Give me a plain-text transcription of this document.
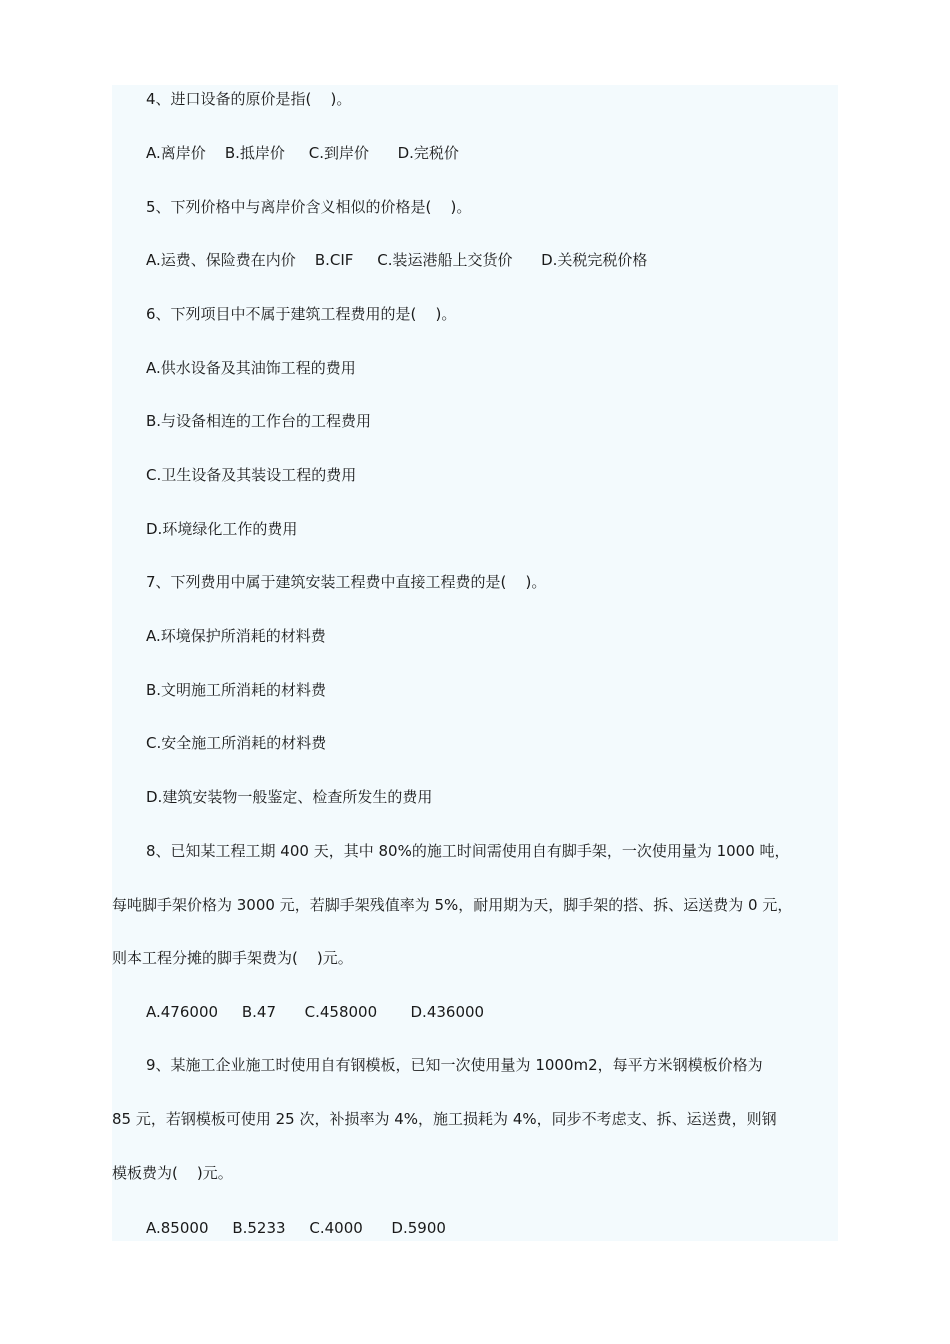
4、进口设备的原价是指(    )。
A.离岸价    B.抵岸价     C.到岸价      D.完税价
5、下列价格中与离岸价含义相似的价格是(    )。
A.运费、保险费在内价    B.CIF     C.装运港船上交货价      D.关税完税价格
6、下列项目中不属于建筑工程费用的是(    )。
A.供水设备及其油饰工程的费用
B.与设备相连的工作台的工程费用
C.卫生设备及其装设工程的费用
D.环境绿化工作的费用
7、下列费用中属于建筑安装工程费中直接工程费的是(    )。
A.环境保护所消耗的材料费
B.文明施工所消耗的材料费
C.安全施工所消耗的材料费
D.建筑安装物一般鉴定、检查所发生的费用
8、已知某工程工期 400 天，其中 80%的施工时间需使用自有脚手架，一次使用量为 1000 吨，
每吨脚手架价格为 3000 元，若脚手架残值率为 5%，耐用期为天，脚手架的搭、拆、运送费为 0 元，
则本工程分摊的脚手架费为(    )元。
A.476000     B.47      C.458000       D.436000
9、某施工企业施工时使用自有钢模板，已知一次使用量为 1000m2，每平方米钢模板价格为
85 元，若钢模板可使用 25 次，补损率为 4%，施工损耗为 4%，同步不考虑支、拆、运送费，则钢
模板费为(    )元。
A.85000     B.5233     C.4000      D.5900
